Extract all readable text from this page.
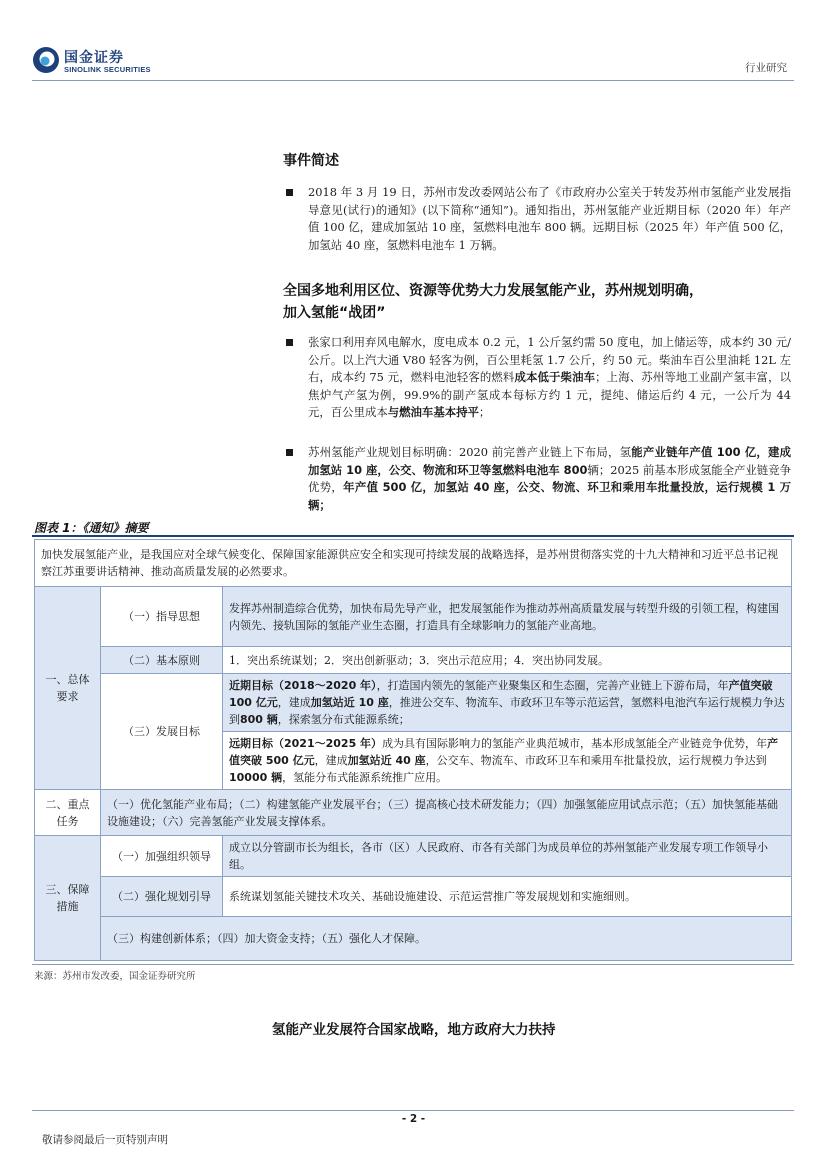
国金证券
SINOLINK SECURITIES	行业研究
事件简述
2018 年 3 月 19 日，苏州市发改委网站公布了《市政府办公室关于转发苏州市氢能产业发展指导意见(试行)的通知》(以下简称“通知”)。通知指出，苏州氢能产业近期目标（2020 年）年产值 100 亿，建成加氢站 10 座，氢燃料电池车 800 辆。远期目标（2025 年）年产值 500 亿，加氢站 40 座，氢燃料电池车 1 万辆。
全国多地利用区位、资源等优势大力发展氢能产业，苏州规划明确，
加入氢能“战团”
张家口利用弃风电解水，度电成本 0.2 元，1 公斤氢约需 50 度电，加上储运等，成本约 30 元/公斤。以上汽大通 V80 轻客为例，百公里耗氢 1.7 公斤，约 50 元。柴油车百公里油耗 12L 左右，成本约 75 元，燃料电池轻客的燃料成本低于柴油车；上海、苏州等地工业副产氢丰富，以焦炉气产氢为例，99.9%的副产氢成本每标方约 1 元，提纯、储运后约 4 元，一公斤为 44 元，百公里成本与燃油车基本持平；
苏州氢能产业规划目标明确：2020 前完善产业链上下布局，氢能产业链年产值 100 亿，建成加氢站 10 座，公交、物流和环卫等氢燃料电池车 800辆；2025 前基本形成氢能全产业链竞争优势，年产值 500 亿，加氢站 40 座，公交、物流、环卫和乘用车批量投放，运行规模 1 万辆；
图表 1：《通知》摘要
加快发展氢能产业，是我国应对全球气候变化、保障国家能源供应安全和实现可持续发展的战略选择，是苏州贯彻落实党的十九大精神和习近平总书记视察江苏重要讲话精神、推动高质量发展的必然要求。		
一、总体要求	（一）指导思想	发挥苏州制造综合优势，加快布局先导产业，把发展氢能作为推动苏州高质量发展与转型升级的引领工程，构建国内领先、接轨国际的氢能产业生态圈，打造具有全球影响力的氢能产业高地。
	（二）基本原则	1．突出系统谋划；2．突出创新驱动；3．突出示范应用；4．突出协同发展。
	（三）发展目标	近期目标（2018～2020 年），打造国内领先的氢能产业聚集区和生态圈，完善产业链上下游布局，年产值突破 100 亿元，建成加氢站近 10 座，推进公交车、物流车、市政环卫车等示范运营，氢燃料电池汽车运行规模力争达到800 辆，探索氢分布式能源系统；
		远期目标（2021～2025 年）成为具有国际影响力的氢能产业典范城市，基本形成氢能全产业链竞争优势，年产值突破 500 亿元，建成加氢站近 40 座，公交车、物流车、市政环卫车和乘用车批量投放，运行规模力争达到10000 辆，氢能分布式能源系统推广应用。
二、重点任务	（一）优化氢能产业布局；（二）构建氢能产业发展平台；（三）提高核心技术研发能力；（四）加强氢能应用试点示范；（五）加快氢能基础设施建设；（六）完善氢能产业发展支撑体系。	
三、保障措施	（一）加强组织领导	成立以分管副市长为组长，各市（区）人民政府、市各有关部门为成员单位的苏州氢能产业发展专项工作领导小组。
	（二）强化规划引导	系统谋划氢能关键技术攻关、基础设施建设、示范运营推广等发展规划和实施细则。
	（三）构建创新体系；（四）加大资金支持；（五）强化人才保障。	
来源：苏州市发改委，国金证券研究所
氢能产业发展符合国家战略，地方政府大力扶持
- 2 -
敬请参阅最后一页特别声明
